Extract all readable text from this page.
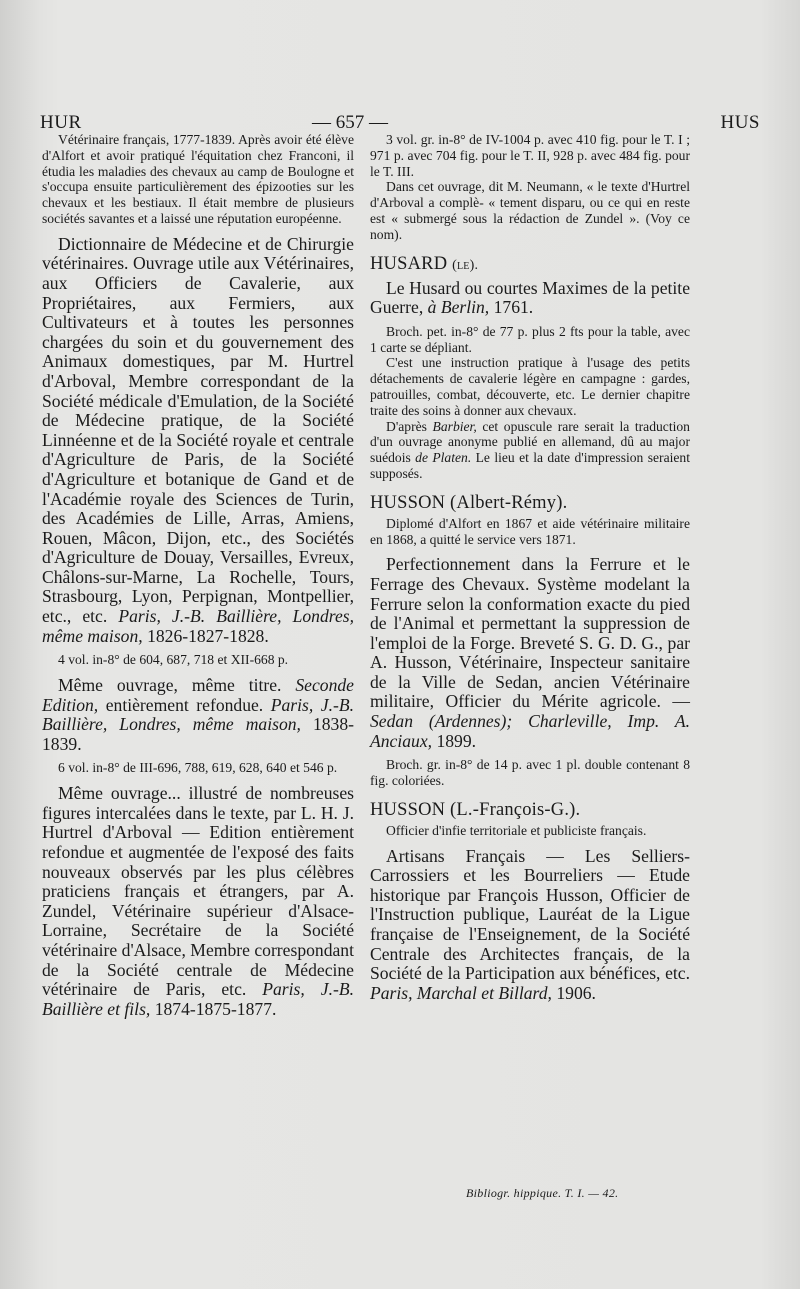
HUR	— 657 —	HUS

Vétérinaire français, 1777-1839. Après avoir été élève d'Alfort et avoir pratiqué l'équitation chez Franconi, il étudia les maladies des chevaux au camp de Boulogne et s'occupa ensuite particulièrement des épizooties sur les chevaux et les bestiaux. Il était membre de plusieurs sociétés savantes et a laissé une réputation européenne.

Dictionnaire de Médecine et de Chirurgie vétérinaires. Ouvrage utile aux Vétérinaires, aux Officiers de Cavalerie, aux Propriétaires, aux Fermiers, aux Cultivateurs et à toutes les personnes chargées du soin et du gouvernement des Animaux domestiques, par M. Hurtrel d'Arboval, Membre correspondant de la Société médicale d'Emulation, de la Société de Médecine pratique, de la Société Linnéenne et de la Société royale et centrale d'Agriculture de Paris, de la Société d'Agriculture et botanique de Gand et de l'Académie royale des Sciences de Turin, des Académies de Lille, Arras, Amiens, Rouen, Mâcon, Dijon, etc., des Sociétés d'Agriculture de Douay, Versailles, Evreux, Châlons-sur-Marne, La Rochelle, Tours, Strasbourg, Lyon, Perpignan, Montpellier, etc., etc. Paris, J.-B. Baillière, Londres, même maison, 1826-1827-1828.

4 vol. in-8° de 604, 687, 718 et XII-668 p.

Même ouvrage, même titre. Seconde Edition, entièrement refondue. Paris, J.-B. Baillière, Londres, même maison, 1838-1839.

6 vol. in-8° de III-696, 788, 619, 628, 640 et 546 p.

Même ouvrage... illustré de nombreuses figures intercalées dans le texte, par L. H. J. Hurtrel d'Arboval — Edition entièrement refondue et augmentée de l'exposé des faits nouveaux observés par les plus célèbres praticiens français et étrangers, par A. Zundel, Vétérinaire supérieur d'Alsace-Lorraine, Secrétaire de la Société vétérinaire d'Alsace, Membre correspondant de la Société centrale de Médecine vétérinaire de Paris, etc. Paris, J.-B. Baillière et fils, 1874-1875-1877.

3 vol. gr. in-8° de IV-1004 p. avec 410 fig. pour le T. I ; 971 p. avec 704 fig. pour le T. II, 928 p. avec 484 fig. pour le T. III.

Dans cet ouvrage, dit M. Neumann, « le texte d'Hurtrel d'Arboval a complè- « tement disparu, ou ce qui en reste est « submergé sous la rédaction de Zundel ». (Voy ce nom).

HUSARD (le).

Le Husard ou courtes Maximes de la petite Guerre, à Berlin, 1761.

Broch. pet. in-8° de 77 p. plus 2 fts pour la table, avec 1 carte se dépliant.

C'est une instruction pratique à l'usage des petits détachements de cavalerie légère en campagne : gardes, patrouilles, combat, découverte, etc. Le dernier chapitre traite des soins à donner aux chevaux.

D'après Barbier, cet opuscule rare serait la traduction d'un ouvrage anonyme publié en allemand, dû au major suédois de Platen. Le lieu et la date d'impression seraient supposés.

HUSSON (Albert-Rémy).

Diplomé d'Alfort en 1867 et aide vétérinaire militaire en 1868, a quitté le service vers 1871.

Perfectionnement dans la Ferrure et le Ferrage des Chevaux. Système modelant la Ferrure selon la conformation exacte du pied de l'Animal et permettant la suppression de l'emploi de la Forge. Breveté S. G. D. G., par A. Husson, Vétérinaire, Inspecteur sanitaire de la Ville de Sedan, ancien Vétérinaire militaire, Officier du Mérite agricole. — Sedan (Ardennes); Charleville, Imp. A. Anciaux, 1899.

Broch. gr. in-8° de 14 p. avec 1 pl. double contenant 8 fig. coloriées.

HUSSON (L.-François-G.).

Officier d'infie territoriale et publiciste français.

Artisans Français — Les Selliers-Carrossiers et les Bourreliers — Etude historique par François Husson, Officier de l'Instruction publique, Lauréat de la Ligue française de l'Enseignement, de la Société Centrale des Architectes français, de la Société de la Participation aux bénéfices, etc. Paris, Marchal et Billard, 1906.

Bibliogr. hippique. T. I. — 42.
